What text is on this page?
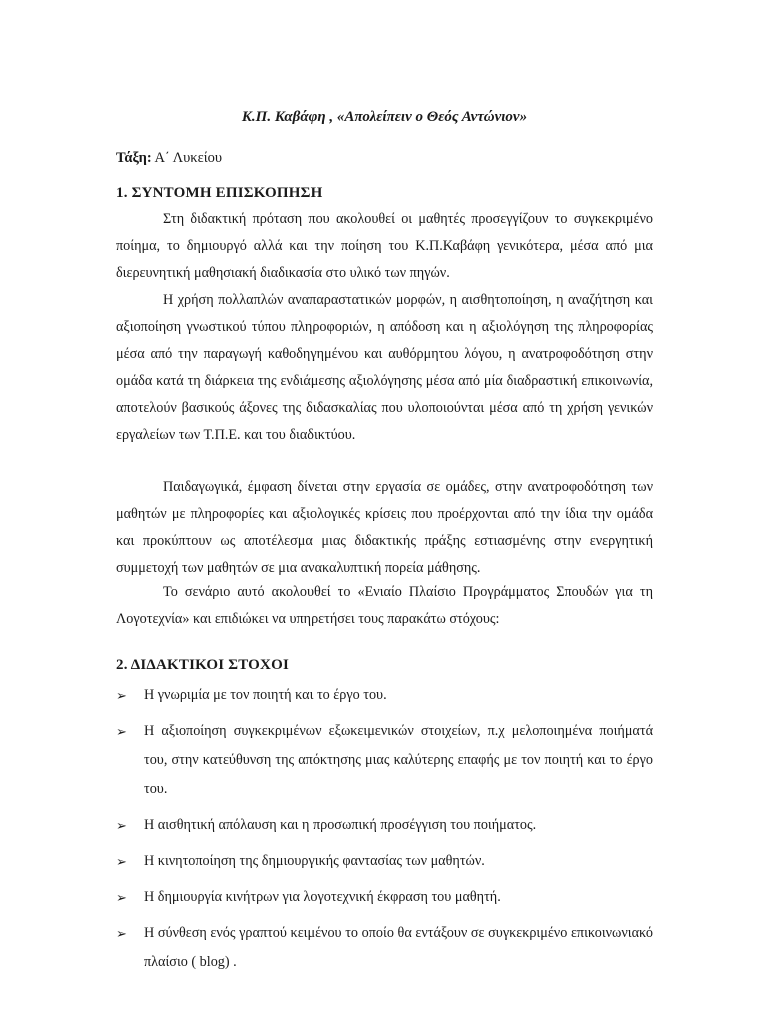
Κ.Π. Καβάφη , «Απολείπειν ο Θεός Αντώνιον»
Τάξη: Α΄ Λυκείου
1. ΣΥΝΤΟΜΗ ΕΠΙΣΚΟΠΗΣΗ

Στη διδακτική πρόταση που ακολουθεί οι μαθητές προσεγγίζουν το συγκεκριμένο ποίημα, το δημιουργό αλλά και την ποίηση του Κ.Π.Καβάφη γενικότερα, μέσα από μια διερευνητική μαθησιακή διαδικασία στο υλικό των πηγών.

Η χρήση πολλαπλών αναπαραστατικών μορφών, η αισθητοποίηση, η αναζήτηση και αξιοποίηση γνωστικού τύπου πληροφοριών, η απόδοση και η αξιολόγηση της πληροφορίας μέσα από την παραγωγή καθοδηγημένου και αυθόρμητου λόγου, η ανατροφοδότηση στην ομάδα κατά τη διάρκεια της ενδιάμεσης αξιολόγησης μέσα από μία διαδραστική επικοινωνία, αποτελούν βασικούς άξονες της διδασκαλίας που υλοποιούνται μέσα από τη χρήση γενικών εργαλείων των Τ.Π.Ε. και του διαδικτύου.

Παιδαγωγικά, έμφαση δίνεται στην εργασία σε ομάδες, στην ανατροφοδότηση των μαθητών με πληροφορίες και αξιολογικές κρίσεις που προέρχονται από την ίδια την ομάδα και προκύπτουν ως αποτέλεσμα μιας διδακτικής πράξης εστιασμένης στην ενεργητική συμμετοχή των μαθητών σε μια ανακαλυπτική πορεία μάθησης.

Το σενάριο αυτό ακολουθεί το «Ενιαίο Πλαίσιο Προγράμματος Σπουδών για τη Λογοτεχνία» και επιδιώκει να υπηρετήσει τους παρακάτω στόχους:

2. ΔΙΔΑΚΤΙΚΟΙ ΣΤΟΧΟΙ
➢ Η γνωριμία με τον ποιητή και το έργο του.
➢ Η αξιοποίηση συγκεκριμένων εξωκειμενικών στοιχείων, π.χ μελοποιημένα ποιήματά του, στην κατεύθυνση της απόκτησης μιας καλύτερης επαφής με τον ποιητή και το έργο του.
➢ Η αισθητική απόλαυση και η προσωπική προσέγγιση του ποιήματος.
➢ Η κινητοποίηση της δημιουργικής φαντασίας των μαθητών.
➢ Η δημιουργία κινήτρων για λογοτεχνική έκφραση του μαθητή.
➢ Η σύνθεση ενός γραπτού κειμένου το οποίο θα εντάξουν σε συγκεκριμένο επικοινωνιακό πλαίσιο ( blog) .
